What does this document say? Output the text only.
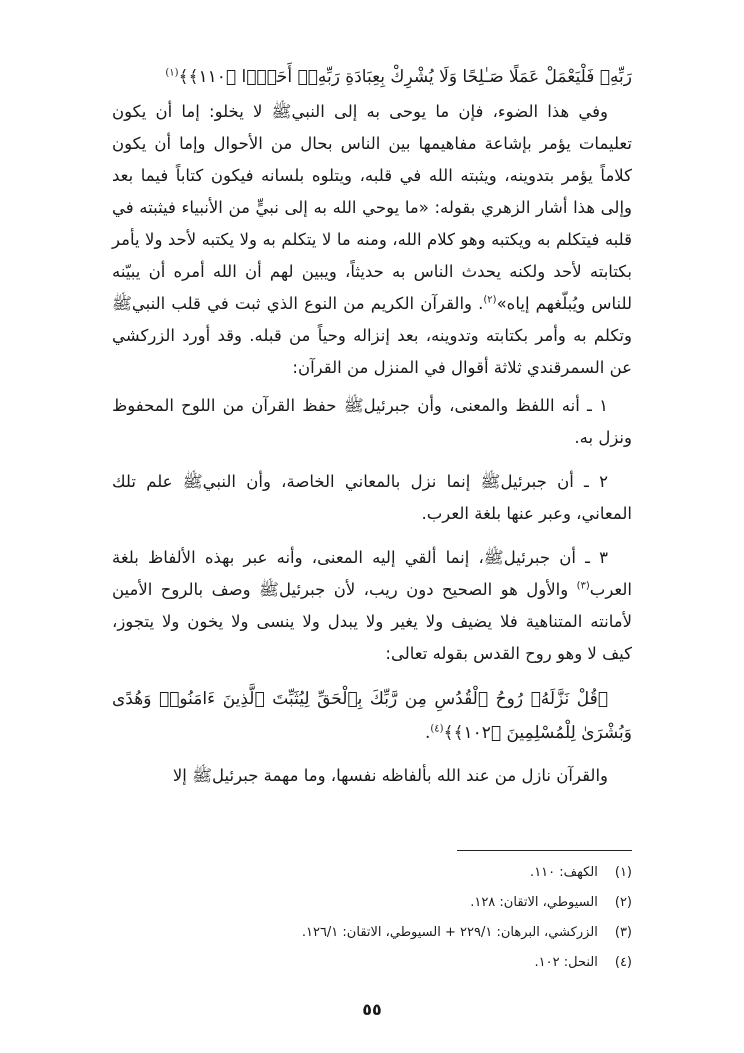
رَبِّهِۦ فَلْيَعْمَلْ عَمَلًا صَـٰلِحًا وَلَا يُشْرِكْ بِعِبَادَةِ رَبِّهِۦٓ أَحَدًۢا ﴿١١٠﴾﴾$^{(١)}$

وفي هذا الضوء، فإن ما يوحى به إلى النبيﷺ لا يخلو: إما أن يكون تعليمات يؤمر بإشاعة مفاهيمها بين الناس بحال من الأحوال وإما أن يكون كلاماً يؤمر بتدوينه، ويثبته الله في قلبه، ويتلوه بلسانه فيكون كتاباً فيما بعد وإلى هذا أشار الزهري بقوله: «ما يوحي الله به إلى نبيٍّ من الأنبياء فيثبته في قلبه فيتكلم به ويكتبه وهو كلام الله، ومنه ما لا يتكلم به ولا يكتبه لأحد ولا يأمر بكتابته لأحد ولكنه يحدث الناس به حديثاً، ويبين لهم أن الله أمره أن يبيّنه للناس ويُبلّغهم إياه»$^{(٢)}$. والقرآن الكريم من النوع الذي ثبت في قلب النبيﷺ وتكلم به وأمر بكتابته وتدوينه، بعد إنزاله وحياً من قبله. وقد أورد الزركشي عن السمرقندي ثلاثة أقوال في المنزل من القرآن:

١ ـ أنه اللفظ والمعنى، وأن جبرئيلﷺ حفظ القرآن من اللوح المحفوظ ونزل به.

٢ ـ أن جبرئيلﷺ إنما نزل بالمعاني الخاصة، وأن النبيﷺ علم تلك المعاني، وعبر عنها بلغة العرب.

٣ ـ أن جبرئيلﷺ، إنما ألقي إليه المعنى، وأنه عبر بهذه الألفاظ بلغة العرب$^{(٣)}$ والأول هو الصحيح دون ريب، لأن جبرئيلﷺ وصف بالروح الأمين لأمانته المتناهية فلا يضيف ولا يغير ولا يبدل ولا ينسى ولا يخون ولا يتجوز، كيف لا وهو روح القدس بقوله تعالى:

﴿قُلْ نَزَّلَهُۥ رُوحُ ٱلْقُدُسِ مِن رَّبِّكَ بِٱلْحَقِّ لِيُثَبِّتَ ٱلَّذِينَ ءَامَنُوا۟ وَهُدًى وَبُشْرَىٰ لِلْمُسْلِمِينَ ﴿١٠٢﴾﴾$^{(٤)}$.

والقرآن نازل من عند الله بألفاظه نفسها، وما مهمة جبرئيلﷺ إلا

(١) الكهف: ١١٠.
(٢) السيوطي، الاتقان: ١٢٨.
(٣) الزركشي، البرهان: ٢٢٩/١ + السيوطي، الاتقان: ١٢٦/١.
(٤) النحل: ١٠٢.
٥٥
